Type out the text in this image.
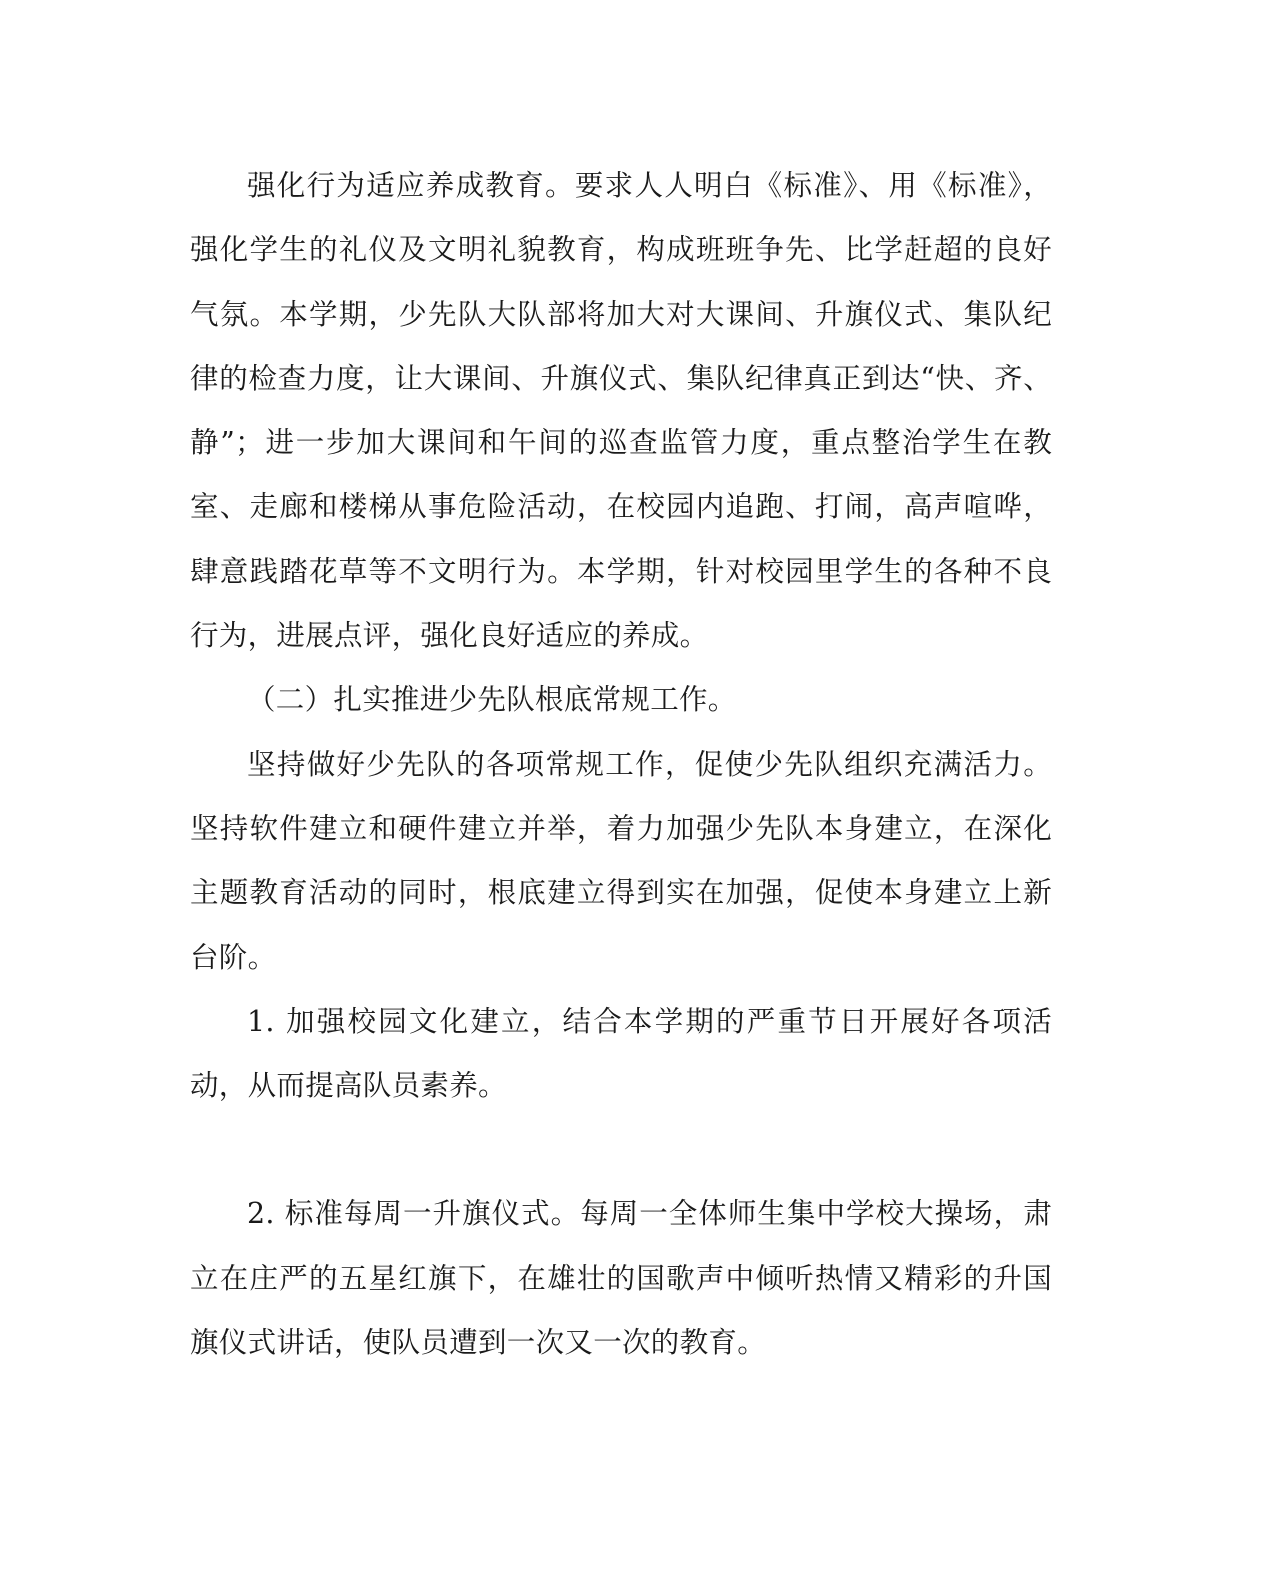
强化行为适应养成教育。要求人人明白《标准》、用《标准》，强化学生的礼仪及文明礼貌教育，构成班班争先、比学赶超的良好气氛。本学期，少先队大队部将加大对大课间、升旗仪式、集队纪律的检查力度，让大课间、升旗仪式、集队纪律真正到达“快、齐、静”；进一步加大课间和午间的巡查监管力度，重点整治学生在教室、走廊和楼梯从事危险活动，在校园内追跑、打闹，高声喧哗，肆意践踏花草等不文明行为。本学期，针对校园里学生的各种不良行为，进展点评，强化良好适应的养成。

（二）扎实推进少先队根底常规工作。

坚持做好少先队的各项常规工作，促使少先队组织充满活力。坚持软件建立和硬件建立并举，着力加强少先队本身建立，在深化主题教育活动的同时，根底建立得到实在加强，促使本身建立上新台阶。

1. 加强校园文化建立，结合本学期的严重节日开展好各项活动，从而提高队员素养。

2. 标准每周一升旗仪式。每周一全体师生集中学校大操场，肃立在庄严的五星红旗下，在雄壮的国歌声中倾听热情又精彩的升国旗仪式讲话，使队员遭到一次又一次的教育。
